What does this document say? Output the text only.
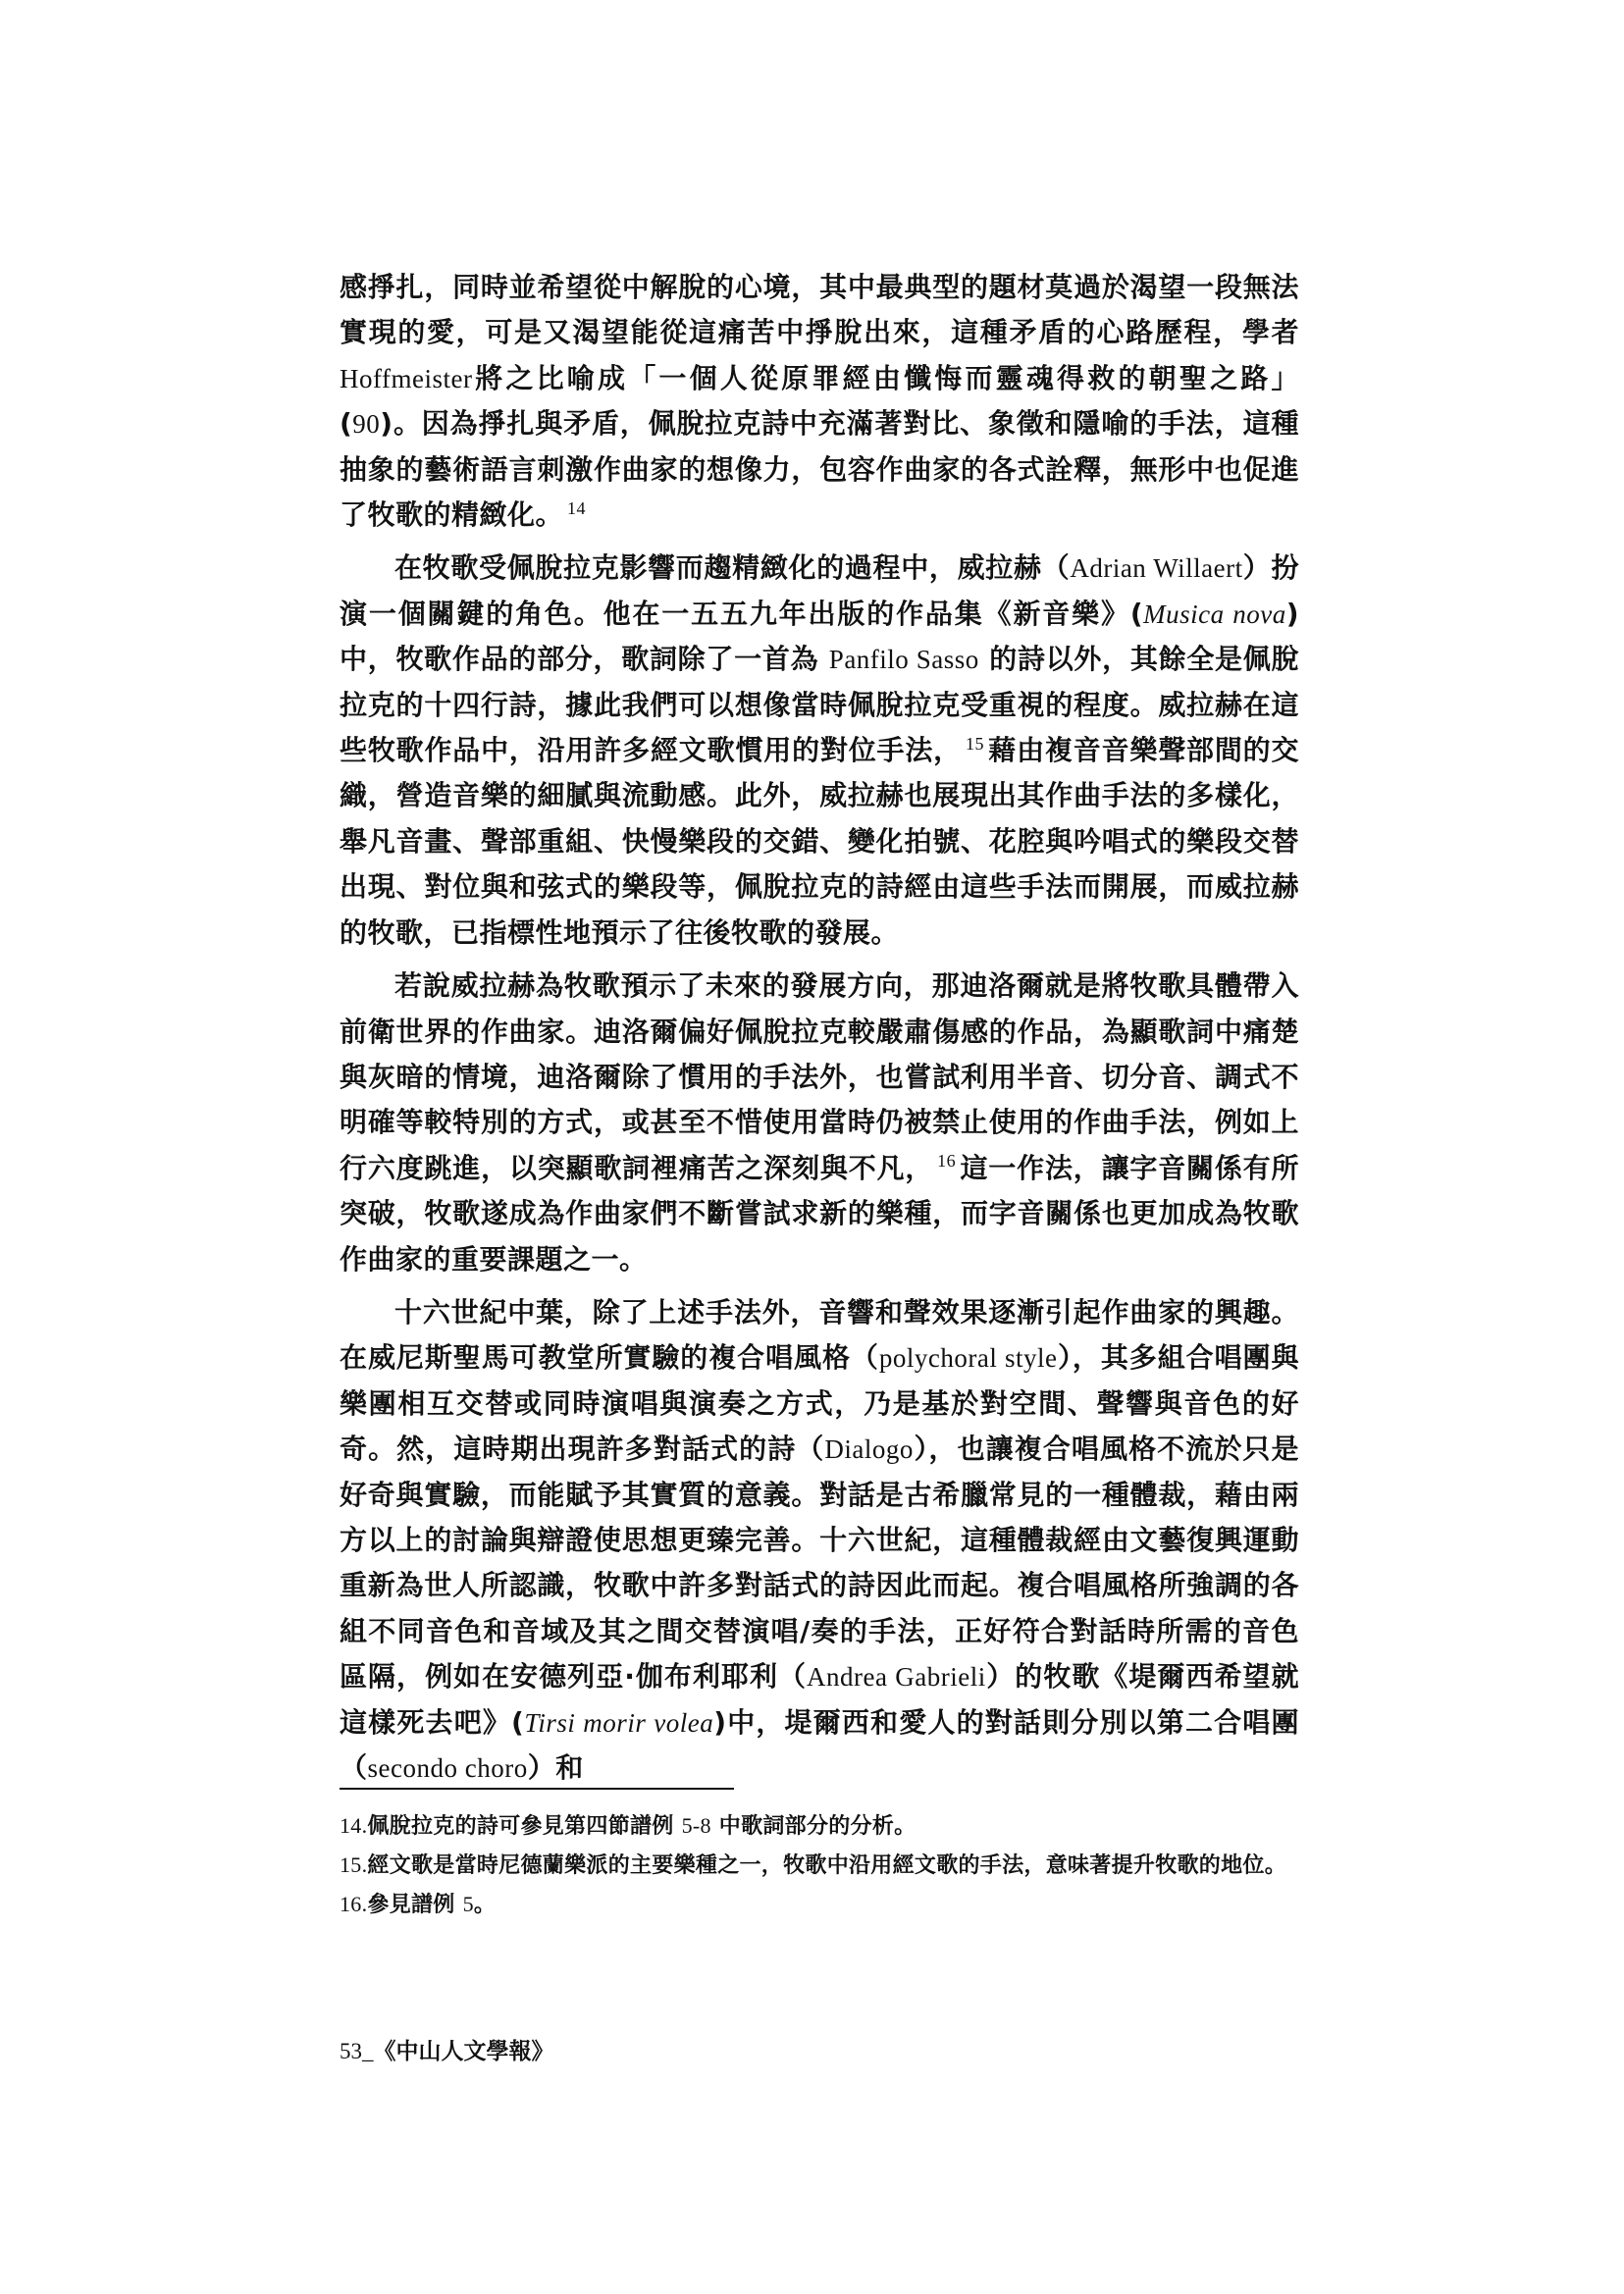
感掙扎，同時並希望從中解脫的心境，其中最典型的題材莫過於渴望一段無法實現的愛，可是又渴望能從這痛苦中掙脫出來，這種矛盾的心路歷程，學者Hoffmeister將之比喻成「一個人從原罪經由懺悔而靈魂得救的朝聖之路」(90)。因為掙扎與矛盾，佩脫拉克詩中充滿著對比、象徵和隱喻的手法，這種抽象的藝術語言刺激作曲家的想像力，包容作曲家的各式詮釋，無形中也促進了牧歌的精緻化。 $^{14}$

在牧歌受佩脫拉克影響而趨精緻化的過程中，威拉赫（Adrian Willaert）扮演一個關鍵的角色。他在一五五九年出版的作品集《新音樂》(Musica nova)中，牧歌作品的部分，歌詞除了一首為 Panfilo Sasso 的詩以外，其餘全是佩脫拉克的十四行詩，據此我們可以想像當時佩脫拉克受重視的程度。威拉赫在這些牧歌作品中，沿用許多經文歌慣用的對位手法， $^{15}$ 藉由複音音樂聲部間的交織，營造音樂的細膩與流動感。此外，威拉赫也展現出其作曲手法的多樣化，舉凡音畫、聲部重組、快慢樂段的交錯、變化拍號、花腔與吟唱式的樂段交替出現、對位與和弦式的樂段等，佩脫拉克的詩經由這些手法而開展，而威拉赫的牧歌，已指標性地預示了往後牧歌的發展。

若說威拉赫為牧歌預示了未來的發展方向，那迪洛爾就是將牧歌具體帶入前衛世界的作曲家。迪洛爾偏好佩脫拉克較嚴肅傷感的作品，為顯歌詞中痛楚與灰暗的情境，迪洛爾除了慣用的手法外，也嘗試利用半音、切分音、調式不明確等較特別的方式，或甚至不惜使用當時仍被禁止使用的作曲手法，例如上行六度跳進，以突顯歌詞裡痛苦之深刻與不凡， $^{16}$ 這一作法，讓字音關係有所突破，牧歌遂成為作曲家們不斷嘗試求新的樂種，而字音關係也更加成為牧歌作曲家的重要課題之一。

十六世紀中葉，除了上述手法外，音響和聲效果逐漸引起作曲家的興趣。在威尼斯聖馬可教堂所實驗的複合唱風格（polychoral style），其多組合唱團與樂團相互交替或同時演唱與演奏之方式，乃是基於對空間、聲響與音色的好奇。然，這時期出現許多對話式的詩（Dialogo），也讓複合唱風格不流於只是好奇與實驗，而能賦予其實質的意義。對話是古希臘常見的一種體裁，藉由兩方以上的討論與辯證使思想更臻完善。十六世紀，這種體裁經由文藝復興運動重新為世人所認識，牧歌中許多對話式的詩因此而起。複合唱風格所強調的各組不同音色和音域及其之間交替演唱/奏的手法，正好符合對話時所需的音色區隔，例如在安德列亞·伽布利耶利（Andrea Gabrieli）的牧歌《堤爾西希望就這樣死去吧》(Tirsi morir volea)中，堤爾西和愛人的對話則分別以第二合唱團（secondo choro）和

14.佩脫拉克的詩可參見第四節譜例 5-8 中歌詞部分的分析。

15.經文歌是當時尼德蘭樂派的主要樂種之一，牧歌中沿用經文歌的手法，意味著提升牧歌的地位。

16.參見譜例 5。

53_《中山人文學報》
